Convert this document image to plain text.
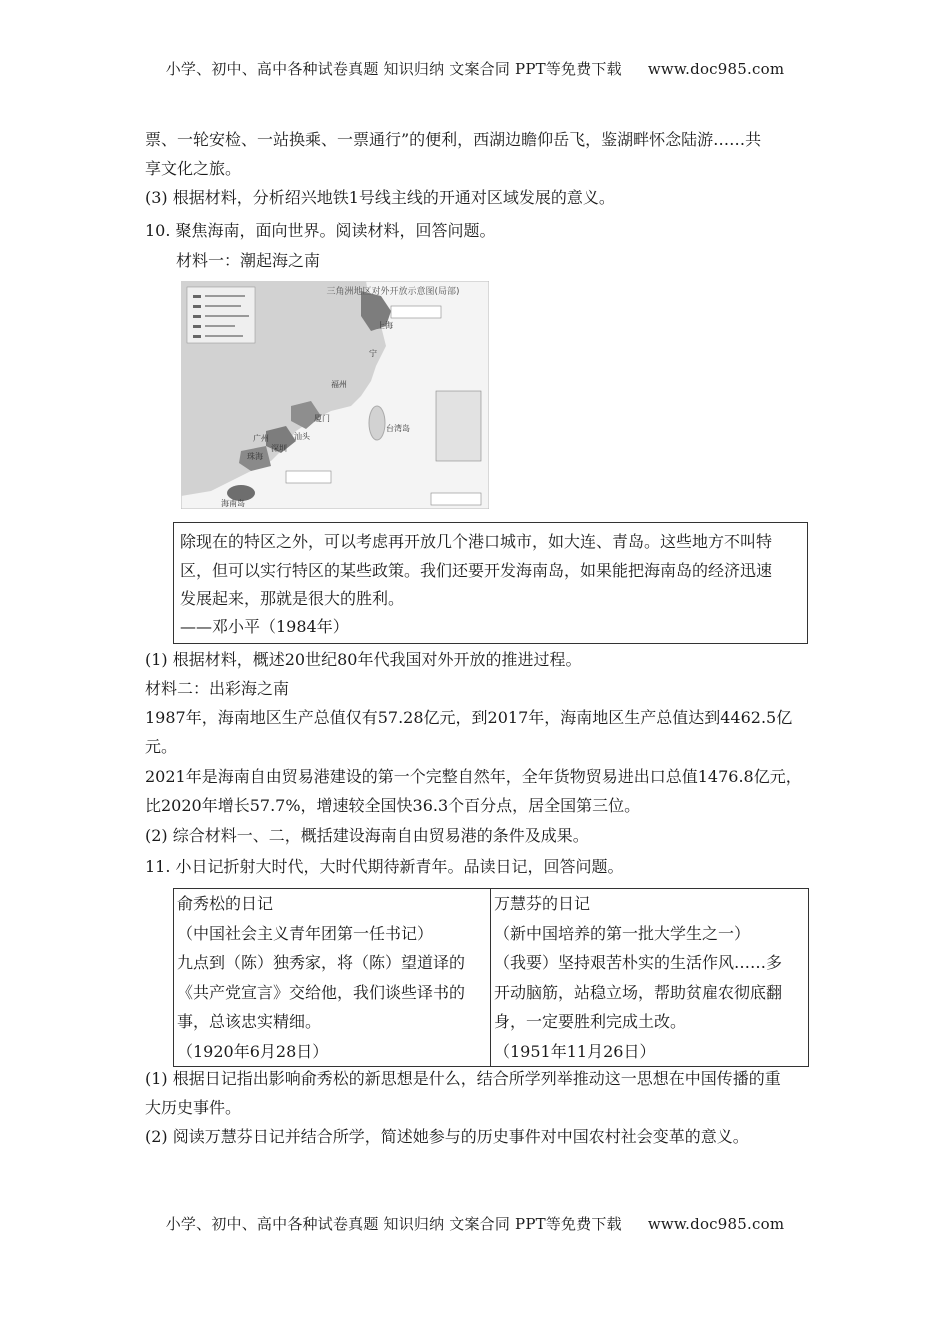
小学、初中、高中各种试卷真题 知识归纳 文案合同 PPT等免费下载 www.doc985.com
票、一轮安检、一站换乘、一票通行”的便利，西湖边瞻仰岳飞，鉴湖畔怀念陆游……共
享文化之旅。
(3) 根据材料，分析绍兴地铁1号线主线的开通对区域发展的意义。
10. 聚焦海南，面向世界。阅读材料，回答问题。
材料一：潮起海之南
三角洲地区对外开放示意图(局部)
上海
宁
福州
厦门
汕头
深圳
珠海
广州
台湾岛
海南岛
除现在的特区之外，可以考虑再开放几个港口城市，如大连、青岛。这些地方不叫特
区，但可以实行特区的某些政策。我们还要开发海南岛，如果能把海南岛的经济迅速
发展起来，那就是很大的胜利。
——邓小平（1984年）
(1) 根据材料，概述20世纪80年代我国对外开放的推进过程。
材料二：出彩海之南
1987年，海南地区生产总值仅有57.28亿元，到2017年，海南地区生产总值达到4462.5亿
元。
2021年是海南自由贸易港建设的第一个完整自然年，全年货物贸易进出口总值1476.8亿元，
比2020年增长57.7%，增速较全国快36.3个百分点，居全国第三位。
(2) 综合材料一、二，概括建设海南自由贸易港的条件及成果。
11. 小日记折射大时代，大时代期待新青年。品读日记，回答问题。
俞秀松的日记
（中国社会主义青年团第一任书记）
九点到（陈）独秀家，将（陈）望道译的
《共产党宣言》交给他，我们谈些译书的
事，总该忠实精细。
（1920年6月28日）

万慧芬的日记
（新中国培养的第一批大学生之一）
（我要）坚持艰苦朴实的生活作风……多
开动脑筋，站稳立场，帮助贫雇农彻底翻
身，一定要胜利完成土改。
（1951年11月26日）
(1) 根据日记指出影响俞秀松的新思想是什么，结合所学列举推动这一思想在中国传播的重
大历史事件。
(2) 阅读万慧芬日记并结合所学，简述她参与的历史事件对中国农村社会变革的意义。
小学、初中、高中各种试卷真题 知识归纳 文案合同 PPT等免费下载 www.doc985.com
